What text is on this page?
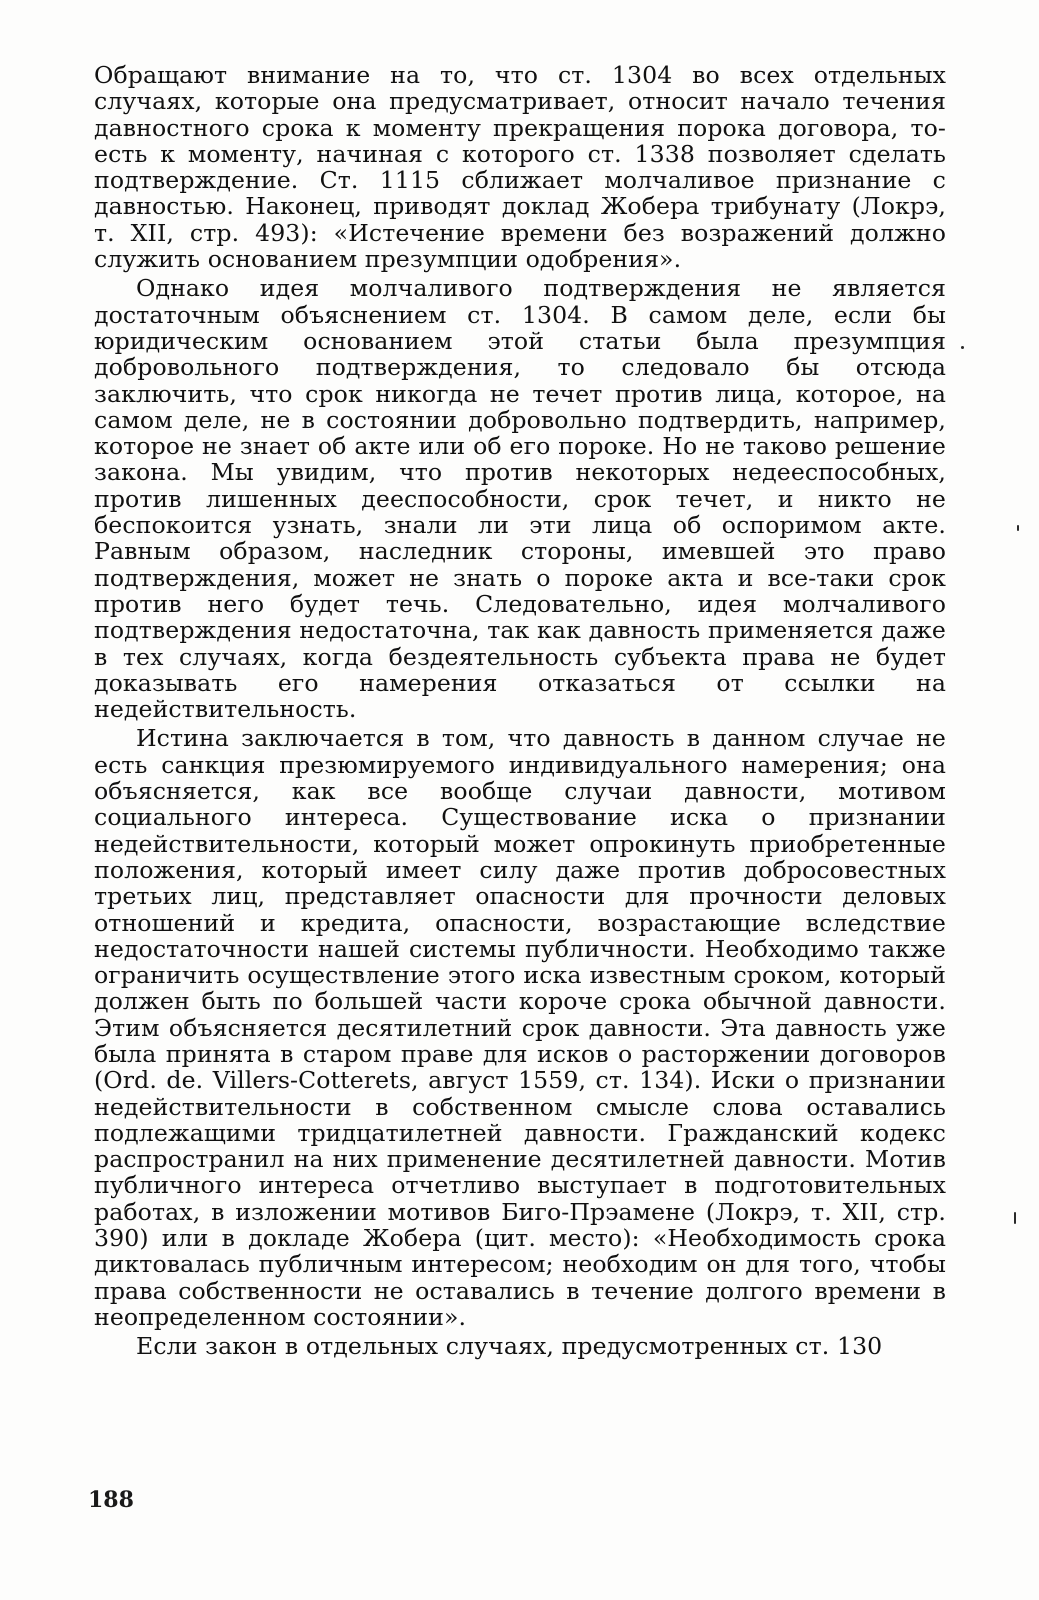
Обращают внимание на то, что ст. 1304 во всех отдельных случаях, которые она предусматривает, относит начало течения давностного срока к моменту прекращения порока договора, то-есть к моменту, начиная с которого ст. 1338 позволяет сделать подтверждение. Ст. 1115 сближает молчаливое признание с давностью. Наконец, приводят доклад Жобера трибунату (Локрэ, т. XII, стр. 493): «Истечение времени без возражений должно служить основанием презумпции одобрения».

Однако идея молчаливого подтверждения не является достаточным объяснением ст. 1304. В самом деле, если бы юридическим основанием этой статьи была презумпция добровольного подтверждения, то следовало бы отсюда заключить, что срок никогда не течет против лица, которое, на самом деле, не в состоянии добровольно подтвердить, например, которое не знает об акте или об его пороке. Но не таково решение закона. Мы увидим, что против некоторых недееспособных, против лишенных дееспособности, срок течет, и никто не беспокоится узнать, знали ли эти лица об оспоримом акте. Равным образом, наследник стороны, имевшей это право подтверждения, может не знать о пороке акта и все-таки срок против него будет течь. Следовательно, идея молчаливого подтверждения недостаточна, так как давность применяется даже в тех случаях, когда бездеятельность субъекта права не будет доказывать его намерения отказаться от ссылки на недействительность.

Истина заключается в том, что давность в данном случае не есть санкция презюмируемого индивидуального намерения; она объясняется, как все вообще случаи давности, мотивом социального интереса. Существование иска о признании недействительности, который может опрокинуть приобретенные положения, который имеет силу даже против добросовестных третьих лиц, представляет опасности для прочности деловых отношений и кредита, опасности, возрастающие вследствие недостаточности нашей системы публичности. Необходимо также ограничить осуществление этого иска известным сроком, который должен быть по большей части короче срока обычной давности. Этим объясняется десятилетний срок давности. Эта давность уже была принята в старом праве для исков о расторжении договоров (Ord. de. Villers-Cotterets, август 1559, ст. 134). Иски о признании недействительности в собственном смысле слова оставались подлежащими тридцатилетней давности. Гражданский кодекс распространил на них применение десятилетней давности. Мотив публичного интереса отчетливо выступает в подготовительных работах, в изложении мотивов Биго-Прэамене (Локрэ, т. XII, стр. 390) или в докладе Жобера (цит. место): «Необходимость срока диктовалась публичным интересом; необходим он для того, чтобы права собственности не оставались в течение долгого времени в неопределенном состоянии».

Если закон в отдельных случаях, предусмотренных ст. 130

188
